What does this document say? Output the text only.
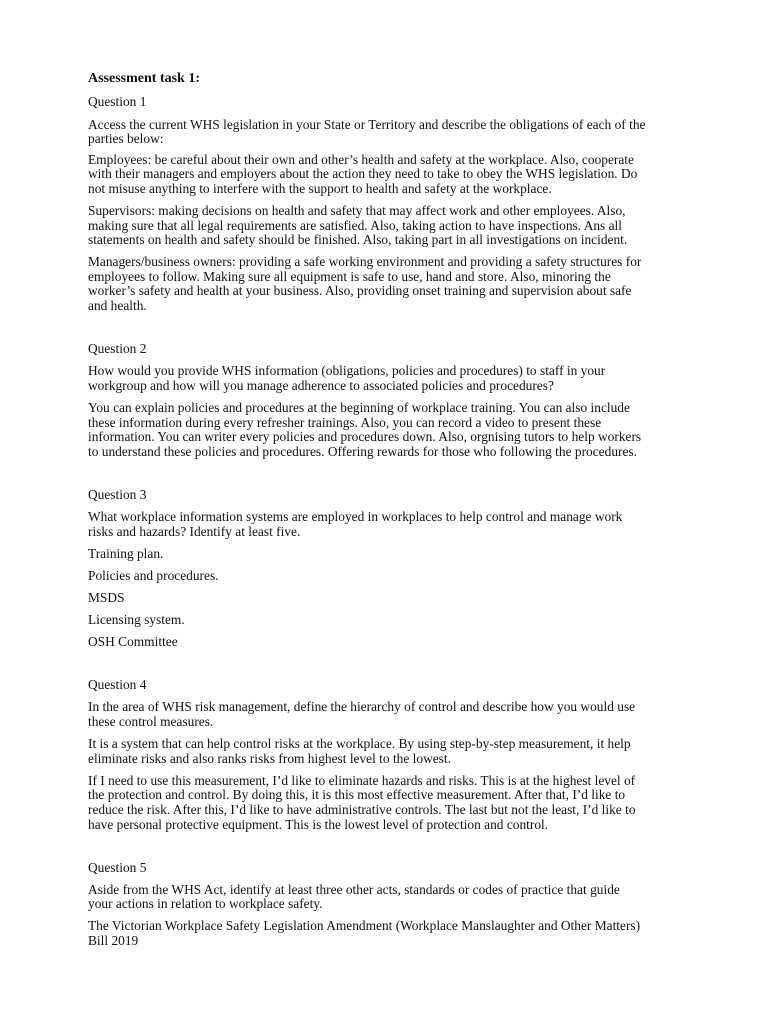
Assessment task 1:
Question 1
Access the current WHS legislation in your State or Territory and describe the obligations of each of the
parties below:
Employees: be careful about their own and other’s health and safety at the workplace. Also, cooperate
with their managers and employers about the action they need to take to obey the WHS legislation. Do
not misuse anything to interfere with the support to health and safety at the workplace.
Supervisors: making decisions on health and safety that may affect work and other employees. Also,
making sure that all legal requirements are satisfied. Also, taking action to have inspections. Ans all
statements on health and safety should be finished. Also, taking part in all investigations on incident.
Managers/business owners: providing a safe working environment and providing a safety structures for
employees to follow. Making sure all equipment is safe to use, hand and store. Also, minoring the
worker’s safety and health at your business. Also, providing onset training and supervision about safe
and health.
Question 2
How would you provide WHS information (obligations, policies and procedures) to staff in your
workgroup and how will you manage adherence to associated policies and procedures?
You can explain policies and procedures at the beginning of workplace training. You can also include
these information during every refresher trainings. Also, you can record a video to present these
information. You can writer every policies and procedures down. Also, orgnising tutors to help workers
to understand these policies and procedures. Offering rewards for those who following the procedures.
Question 3
What workplace information systems are employed in workplaces to help control and manage work
risks and hazards? Identify at least five.
Training plan.
Policies and procedures.
MSDS
Licensing system.
OSH Committee
Question 4
In the area of WHS risk management, define the hierarchy of control and describe how you would use
these control measures.
It is a system that can help control risks at the workplace. By using step-by-step measurement, it help
eliminate risks and also ranks risks from highest level to the lowest.
If I need to use this measurement, I’d like to eliminate hazards and risks. This is at the highest level of
the protection and control. By doing this, it is this most effective measurement. After that, I’d like to
reduce the risk. After this, I’d like to have administrative controls. The last but not the least, I’d like to
have personal protective equipment. This is the lowest level of protection and control.
Question 5
Aside from the WHS Act, identify at least three other acts, standards or codes of practice that guide
your actions in relation to workplace safety.
The Victorian Workplace Safety Legislation Amendment (Workplace Manslaughter and Other Matters)
Bill 2019
